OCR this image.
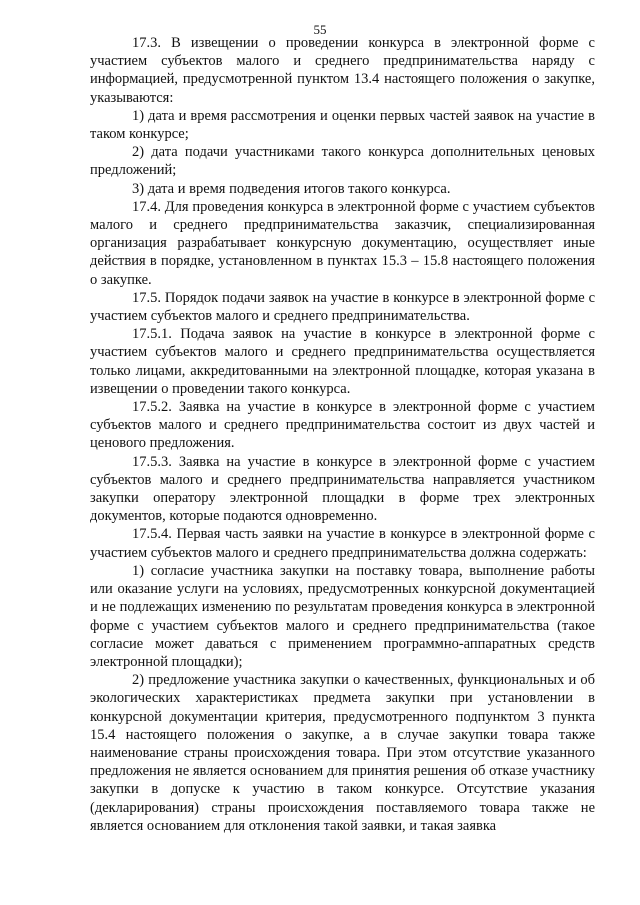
55

17.3. В извещении о проведении конкурса в электронной форме с участием субъектов малого и среднего предпринимательства наряду с информацией, предусмотренной пунктом 13.4 настоящего положения о закупке, указываются:

1) дата и время рассмотрения и оценки первых частей заявок на участие в таком конкурсе;

2) дата подачи участниками такого конкурса дополнительных ценовых предложений;

3) дата и время подведения итогов такого конкурса.

17.4. Для проведения конкурса в электронной форме с участием субъектов малого и среднего предпринимательства заказчик, специализированная организация разрабатывает конкурсную документацию, осуществляет иные действия в порядке, установленном в пунктах 15.3 – 15.8 настоящего положения о закупке.

17.5. Порядок подачи заявок на участие в конкурсе в электронной форме с участием субъектов малого и среднего предпринимательства.

17.5.1. Подача заявок на участие в конкурсе в электронной форме с участием субъектов малого и среднего предпринимательства осуществляется только лицами, аккредитованными на электронной площадке, которая указана в извещении о проведении такого конкурса.

17.5.2. Заявка на участие в конкурсе в электронной форме с участием субъектов малого и среднего предпринимательства состоит из двух частей и ценового предложения.

17.5.3. Заявка на участие в конкурсе в электронной форме с участием субъектов малого и среднего предпринимательства направляется участником закупки оператору электронной площадки в форме трех электронных документов, которые подаются одновременно.

17.5.4. Первая часть заявки на участие в конкурсе в электронной форме с участием субъектов малого и среднего предпринимательства должна содержать:

1) согласие участника закупки на поставку товара, выполнение работы или оказание услуги на условиях, предусмотренных конкурсной документацией и не подлежащих изменению по результатам проведения конкурса в электронной форме с участием субъектов малого и среднего предпринимательства (такое согласие может даваться с применением программно-аппаратных средств электронной площадки);

2) предложение участника закупки о качественных, функциональных и об экологических характеристиках предмета закупки при установлении в конкурсной документации критерия, предусмотренного подпунктом 3 пункта 15.4 настоящего положения о закупке, а в случае закупки товара также наименование страны происхождения товара. При этом отсутствие указанного предложения не является основанием для принятия решения об отказе участнику закупки в допуске к участию в таком конкурсе. Отсутствие указания (декларирования) страны происхождения поставляемого товара также не является основанием для отклонения такой заявки, и такая заявка
